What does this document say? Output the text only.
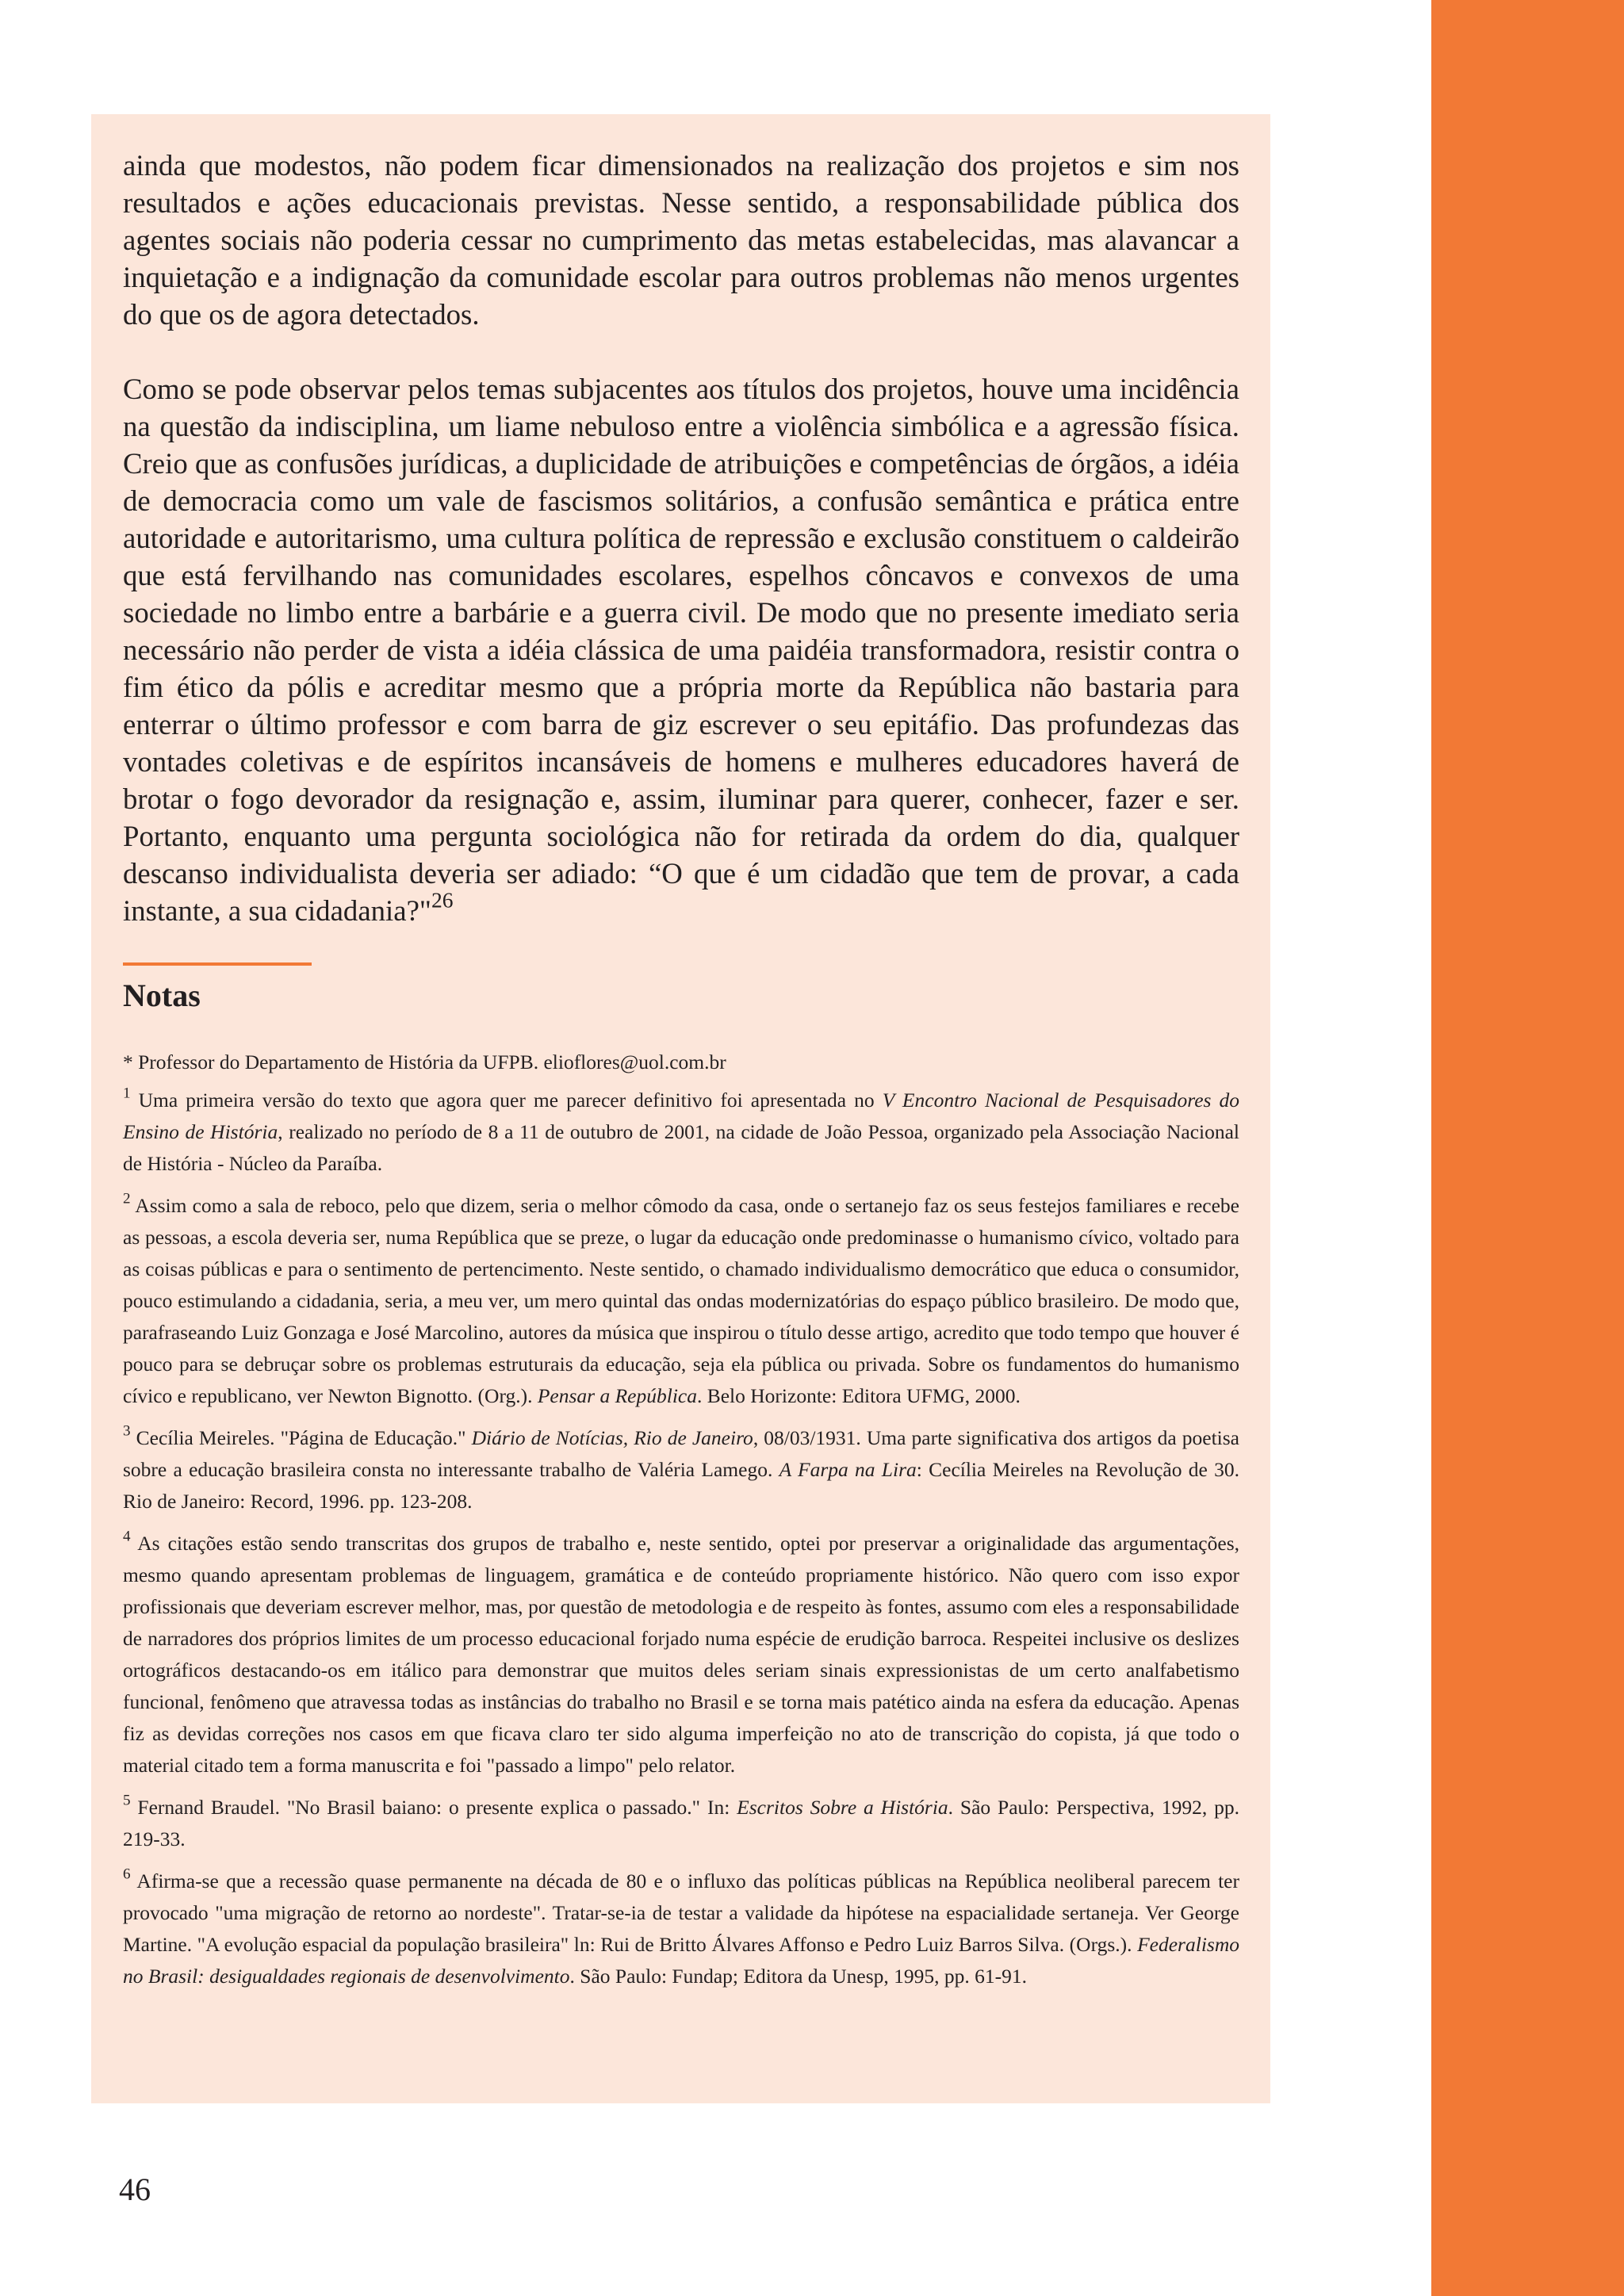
ainda que modestos, não podem ficar dimensionados na realização dos projetos e sim nos resultados e ações educacionais previstas. Nesse sentido, a responsabilidade pública dos agentes sociais não poderia cessar no cumprimento das metas estabelecidas, mas alavancar a inquietação e a indignação da comunidade escolar para outros problemas não menos urgentes do que os de agora detectados.

Como se pode observar pelos temas subjacentes aos títulos dos projetos, houve uma incidência na questão da indisciplina, um liame nebuloso entre a violência simbólica e a agressão física. Creio que as confusões jurídicas, a duplicidade de atribuições e competências de órgãos, a idéia de democracia como um vale de fascismos solitários, a confusão semântica e prática entre autoridade e autoritarismo, uma cultura política de repressão e exclusão constituem o caldeirão que está fervilhando nas comunidades escolares, espelhos côncavos e convexos de uma sociedade no limbo entre a barbárie e a guerra civil. De modo que no presente imediato seria necessário não perder de vista a idéia clássica de uma paidéia transformadora, resistir contra o fim ético da pólis e acreditar mesmo que a própria morte da República não bastaria para enterrar o último professor e com barra de giz escrever o seu epitáfio. Das profundezas das vontades coletivas e de espíritos incansáveis de homens e mulheres educadores haverá de brotar o fogo devorador da resignação e, assim, iluminar para querer, conhecer, fazer e ser. Portanto, enquanto uma pergunta sociológica não for retirada da ordem do dia, qualquer descanso individualista deveria ser adiado: “O que é um cidadão que tem de provar, a cada instante, a sua cidadania?"$^{26}$

Notas

* Professor do Departamento de História da UFPB. elioflores@uol.com.br

$^1$ Uma primeira versão do texto que agora quer me parecer definitivo foi apresentada no V Encontro Nacional de Pesquisadores do Ensino de História, realizado no período de 8 a 11 de outubro de 2001, na cidade de João Pessoa, organizado pela Associação Nacional de História - Núcleo da Paraíba.

$^2$ Assim como a sala de reboco, pelo que dizem, seria o melhor cômodo da casa, onde o sertanejo faz os seus festejos familiares e recebe as pessoas, a escola deveria ser, numa República que se preze, o lugar da educação onde predominasse o humanismo cívico, voltado para as coisas públicas e para o sentimento de pertencimento. Neste sentido, o chamado individualismo democrático que educa o consumidor, pouco estimulando a cidadania, seria, a meu ver, um mero quintal das ondas modernizatórias do espaço público brasileiro. De modo que, parafraseando Luiz Gonzaga e José Marcolino, autores da música que inspirou o título desse artigo, acredito que todo tempo que houver é pouco para se debruçar sobre os problemas estruturais da educação, seja ela pública ou privada. Sobre os fundamentos do humanismo cívico e republicano, ver Newton Bignotto. (Org.). Pensar a República. Belo Horizonte: Editora UFMG, 2000.

$^3$ Cecília Meireles. "Página de Educação." Diário de Notícias, Rio de Janeiro, 08/03/1931. Uma parte significativa dos artigos da poetisa sobre a educação brasileira consta no interessante trabalho de Valéria Lamego. A Farpa na Lira: Cecília Meireles na Revolução de 30. Rio de Janeiro: Record, 1996. pp. 123-208.

$^4$ As citações estão sendo transcritas dos grupos de trabalho e, neste sentido, optei por preservar a originalidade das argumentações, mesmo quando apresentam problemas de linguagem, gramática e de conteúdo propriamente histórico. Não quero com isso expor profissionais que deveriam escrever melhor, mas, por questão de metodologia e de respeito às fontes, assumo com eles a responsabilidade de narradores dos próprios limites de um processo educacional forjado numa espécie de erudição barroca. Respeitei inclusive os deslizes ortográficos destacando-os em itálico para demonstrar que muitos deles seriam sinais expressionistas de um certo analfabetismo funcional, fenômeno que atravessa todas as instâncias do trabalho no Brasil e se torna mais patético ainda na esfera da educação. Apenas fiz as devidas correções nos casos em que ficava claro ter sido alguma imperfeição no ato de transcrição do copista, já que todo o material citado tem a forma manuscrita e foi "passado a limpo" pelo relator.

$^5$ Fernand Braudel. "No Brasil baiano: o presente explica o passado." In: Escritos Sobre a História. São Paulo: Perspectiva, 1992, pp. 219-33.

$^6$ Afirma-se que a recessão quase permanente na década de 80 e o influxo das políticas públicas na República neoliberal parecem ter provocado "uma migração de retorno ao nordeste". Tratar-se-ia de testar a validade da hipótese na espacialidade sertaneja. Ver George Martine. "A evolução espacial da população brasileira" ln: Rui de Britto Álvares Affonso e Pedro Luiz Barros Silva. (Orgs.). Federalismo no Brasil: desigualdades regionais de desenvolvimento. São Paulo: Fundap; Editora da Unesp, 1995, pp. 61-91.

46
